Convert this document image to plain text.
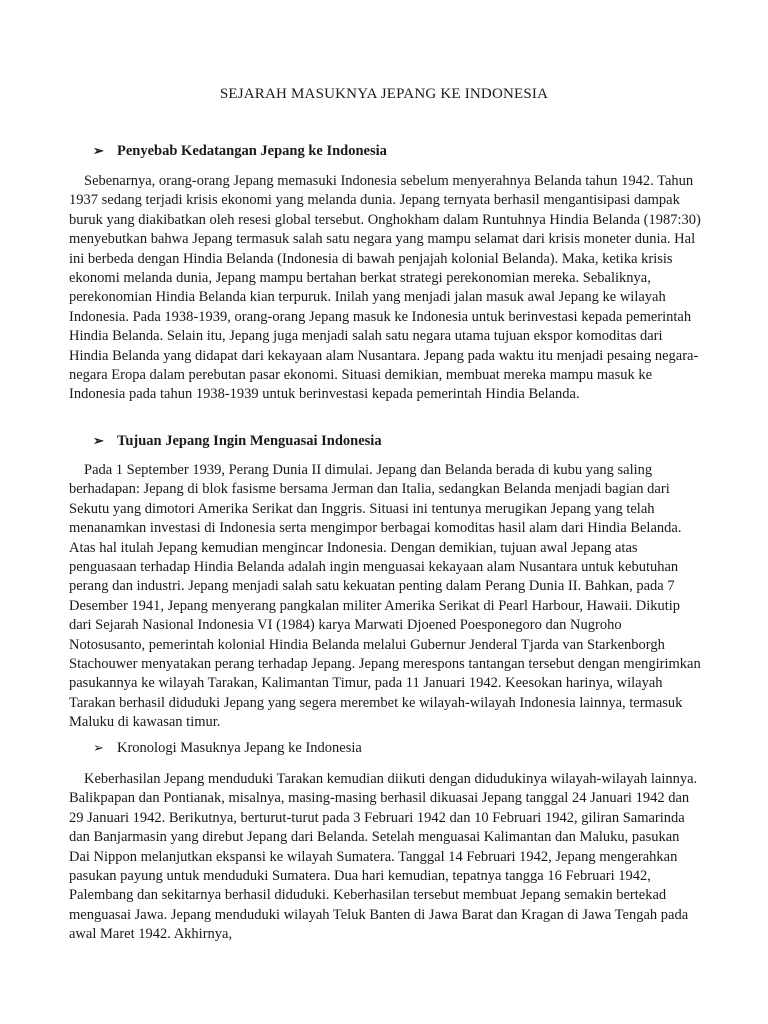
SEJARAH MASUKNYA JEPANG KE INDONESIA

➢ Penyebab Kedatangan Jepang ke Indonesia

Sebenarnya, orang-orang Jepang memasuki Indonesia sebelum menyerahnya Belanda tahun 1942. Tahun 1937 sedang terjadi krisis ekonomi yang melanda dunia. Jepang ternyata berhasil mengantisipasi dampak buruk yang diakibatkan oleh resesi global tersebut. Onghokham dalam Runtuhnya Hindia Belanda (1987:30) menyebutkan bahwa Jepang termasuk salah satu negara yang mampu selamat dari krisis moneter dunia. Hal ini berbeda dengan Hindia Belanda (Indonesia di bawah penjajah kolonial Belanda). Maka, ketika krisis ekonomi melanda dunia, Jepang mampu bertahan berkat strategi perekonomian mereka. Sebaliknya, perekonomian Hindia Belanda kian terpuruk. Inilah yang menjadi jalan masuk awal Jepang ke wilayah Indonesia. Pada 1938-1939, orang-orang Jepang masuk ke Indonesia untuk berinvestasi kepada pemerintah Hindia Belanda. Selain itu, Jepang juga menjadi salah satu negara utama tujuan ekspor komoditas dari Hindia Belanda yang didapat dari kekayaan alam Nusantara. Jepang pada waktu itu menjadi pesaing negara-negara Eropa dalam perebutan pasar ekonomi. Situasi demikian, membuat mereka mampu masuk ke Indonesia pada tahun 1938-1939 untuk berinvestasi kepada pemerintah Hindia Belanda.

➢ Tujuan Jepang Ingin Menguasai Indonesia

Pada 1 September 1939, Perang Dunia II dimulai. Jepang dan Belanda berada di kubu yang saling berhadapan: Jepang di blok fasisme bersama Jerman dan Italia, sedangkan Belanda menjadi bagian dari Sekutu yang dimotori Amerika Serikat dan Inggris. Situasi ini tentunya merugikan Jepang yang telah menanamkan investasi di Indonesia serta mengimpor berbagai komoditas hasil alam dari Hindia Belanda. Atas hal itulah Jepang kemudian mengincar Indonesia. Dengan demikian, tujuan awal Jepang atas penguasaan terhadap Hindia Belanda adalah ingin menguasai kekayaan alam Nusantara untuk kebutuhan perang dan industri. Jepang menjadi salah satu kekuatan penting dalam Perang Dunia II. Bahkan, pada 7 Desember 1941, Jepang menyerang pangkalan militer Amerika Serikat di Pearl Harbour, Hawaii. Dikutip dari Sejarah Nasional Indonesia VI (1984) karya Marwati Djoened Poesponegoro dan Nugroho Notosusanto, pemerintah kolonial Hindia Belanda melalui Gubernur Jenderal Tjarda van Starkenborgh Stachouwer menyatakan perang terhadap Jepang. Jepang merespons tantangan tersebut dengan mengirimkan pasukannya ke wilayah Tarakan, Kalimantan Timur, pada 11 Januari 1942. Keesokan harinya, wilayah Tarakan berhasil diduduki Jepang yang segera merembet ke wilayah-wilayah Indonesia lainnya, termasuk Maluku di kawasan timur.

➢ Kronologi Masuknya Jepang ke Indonesia

Keberhasilan Jepang menduduki Tarakan kemudian diikuti dengan didudukinya wilayah-wilayah lainnya. Balikpapan dan Pontianak, misalnya, masing-masing berhasil dikuasai Jepang tanggal 24 Januari 1942 dan 29 Januari 1942. Berikutnya, berturut-turut pada 3 Februari 1942 dan 10 Februari 1942, giliran Samarinda dan Banjarmasin yang direbut Jepang dari Belanda. Setelah menguasai Kalimantan dan Maluku, pasukan Dai Nippon melanjutkan ekspansi ke wilayah Sumatera. Tanggal 14 Februari 1942, Jepang mengerahkan pasukan payung untuk menduduki Sumatera. Dua hari kemudian, tepatnya tangga 16 Februari 1942, Palembang dan sekitarnya berhasil diduduki. Keberhasilan tersebut membuat Jepang semakin bertekad menguasai Jawa. Jepang menduduki wilayah Teluk Banten di Jawa Barat dan Kragan di Jawa Tengah pada awal Maret 1942. Akhirnya,
